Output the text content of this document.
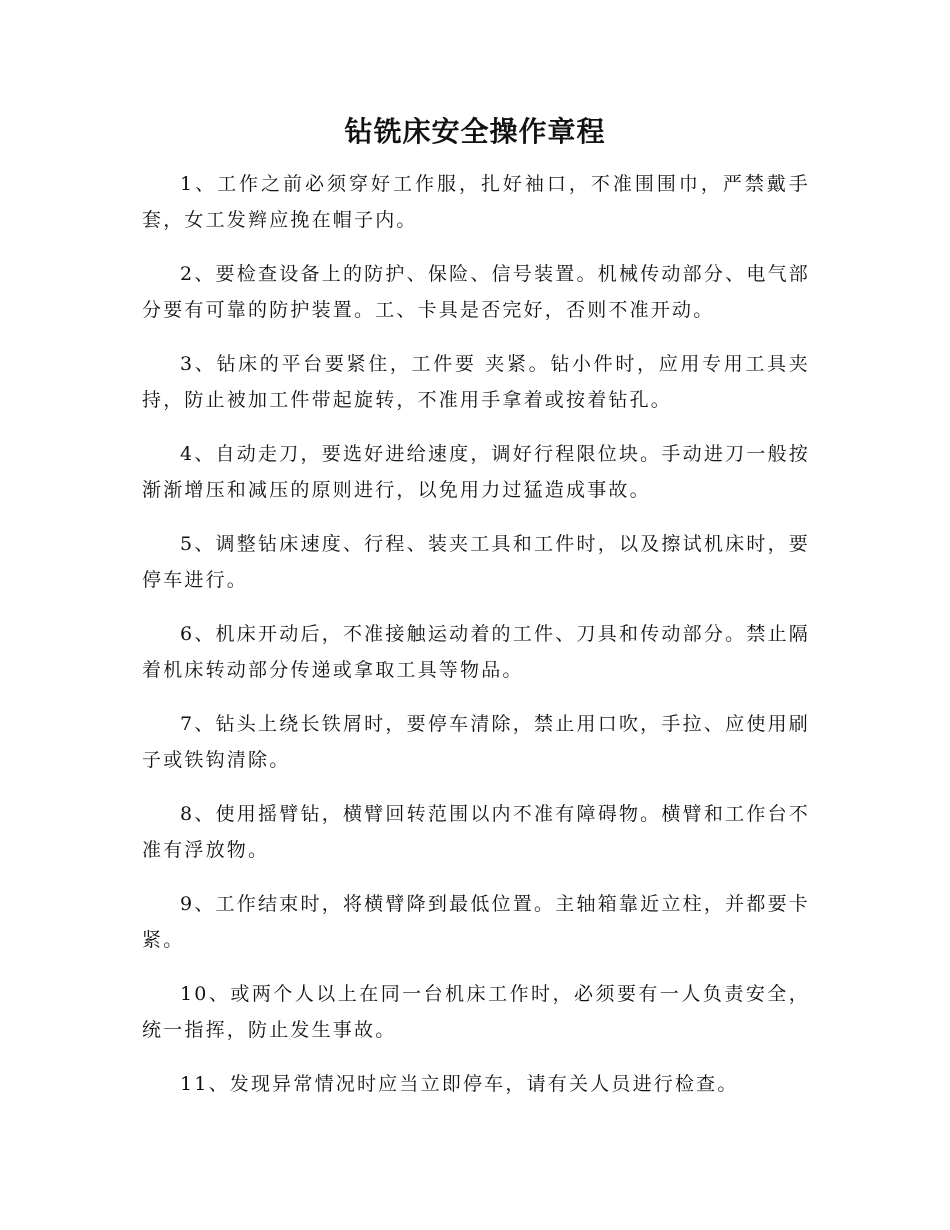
钻铣床安全操作章程

1、工作之前必须穿好工作服，扎好袖口，不准围围巾，严禁戴手套，女工发辫应挽在帽子内。

2、要检查设备上的防护、保险、信号装置。机械传动部分、电气部分要有可靠的防护装置。工、卡具是否完好，否则不准开动。

3、钻床的平台要紧住，工件要 夹紧。钻小件时，应用专用工具夹持，防止被加工件带起旋转，不准用手拿着或按着钻孔。

4、自动走刀，要选好进给速度，调好行程限位块。手动进刀一般按渐渐增压和减压的原则进行，以免用力过猛造成事故。

5、调整钻床速度、行程、装夹工具和工件时，以及擦试机床时，要停车进行。

6、机床开动后，不准接触运动着的工件、刀具和传动部分。禁止隔着机床转动部分传递或拿取工具等物品。

7、钻头上绕长铁屑时，要停车清除，禁止用口吹，手拉、应使用刷子或铁钩清除。

8、使用摇臂钻，横臂回转范围以内不准有障碍物。横臂和工作台不准有浮放物。

9、工作结束时，将横臂降到最低位置。主轴箱靠近立柱，并都要卡紧。

10、或两个人以上在同一台机床工作时，必须要有一人负责安全，统一指挥，防止发生事故。

11、发现异常情况时应当立即停车，请有关人员进行检查。
